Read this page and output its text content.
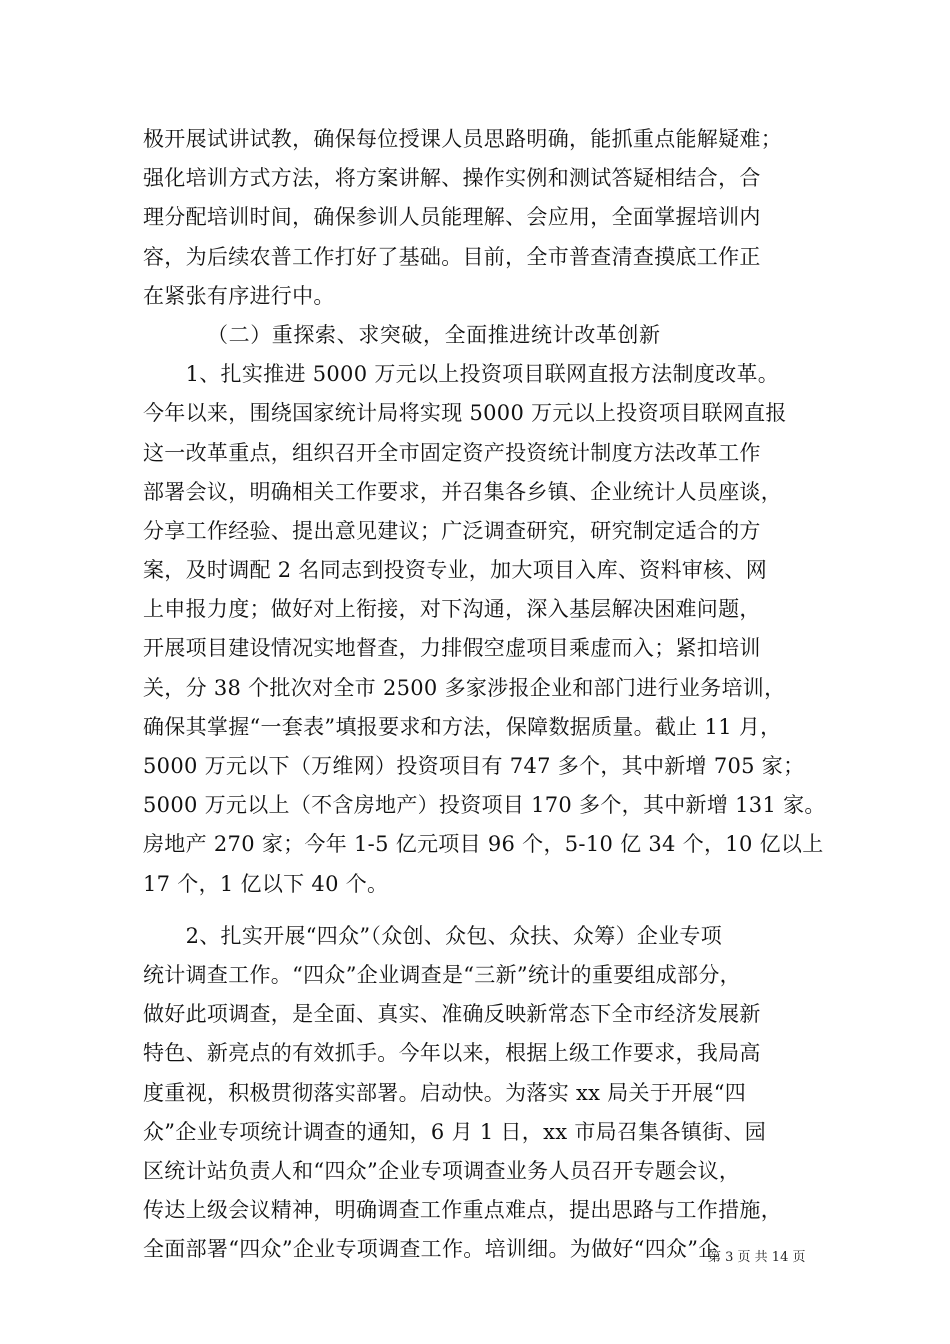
极开展试讲试教，确保每位授课人员思路明确，能抓重点能解疑难；
强化培训方式方法，将方案讲解、操作实例和测试答疑相结合，合
理分配培训时间，确保参训人员能理解、会应用，全面掌握培训内
容，为后续农普工作打好了基础。目前，全市普查清查摸底工作正
在紧张有序进行中。
（二）重探索、求突破，全面推进统计改革创新
　　1、扎实推进 5000 万元以上投资项目联网直报方法制度改革。
今年以来，围绕国家统计局将实现 5000 万元以上投资项目联网直报
这一改革重点，组织召开全市固定资产投资统计制度方法改革工作
部署会议，明确相关工作要求，并召集各乡镇、企业统计人员座谈，
分享工作经验、提出意见建议；广泛调查研究，研究制定适合的方
案，及时调配 2 名同志到投资专业，加大项目入库、资料审核、网
上申报力度；做好对上衔接，对下沟通，深入基层解决困难问题，
开展项目建设情况实地督查，力排假空虚项目乘虚而入；紧扣培训
关，分 38 个批次对全市 2500 多家涉报企业和部门进行业务培训，
确保其掌握“一套表”填报要求和方法，保障数据质量。截止 11 月，
5000 万元以下（万维网）投资项目有 747 多个，其中新增 705 家；
5000 万元以上（不含房地产）投资项目 170 多个，其中新增 131 家。
房地产 270 家；今年 1-5 亿元项目 96 个，5-10 亿 34 个，10 亿以上
17 个，1 亿以下 40 个。
　　2、扎实开展“四众”（众创、众包、众扶、众筹）企业专项
统计调查工作。“四众”企业调查是“三新”统计的重要组成部分，
做好此项调查，是全面、真实、准确反映新常态下全市经济发展新
特色、新亮点的有效抓手。今年以来，根据上级工作要求，我局高
度重视，积极贯彻落实部署。启动快。为落实 xx 局关于开展“四
众”企业专项统计调查的通知，6 月 1 日，xx 市局召集各镇街、园
区统计站负责人和“四众”企业专项调查业务人员召开专题会议，
传达上级会议精神，明确调查工作重点难点，提出思路与工作措施，
全面部署“四众”企业专项调查工作。培训细。为做好“四众”企
第 3 页 共 14 页
